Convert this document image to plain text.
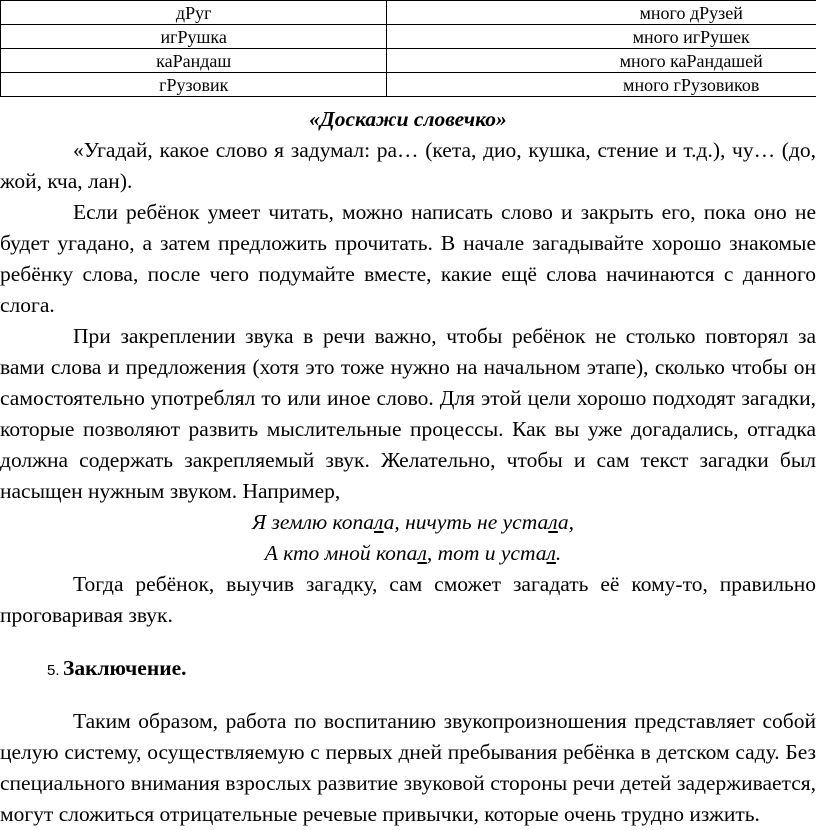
дРуг	много дРузей
игРушка	много игРушек
каРандаш	много каРандашей
гРузовик	много гРузовиков
«Доскажи словечко»

«Угадай, какое слово я задумал: ра… (кета, дио, кушка, стение и т.д.), чу… (до, жой, кча, лан).

Если ребёнок умеет читать, можно написать слово и закрыть его, пока оно не будет угадано, а затем предложить прочитать. В начале загадывайте хорошо знакомые ребёнку слова, после чего подумайте вместе, какие ещё слова начинаются с данного слога.

При закреплении звука в речи важно, чтобы ребёнок не столько повторял за вами слова и предложения (хотя это тоже нужно на начальном этапе), сколько чтобы он самостоятельно употреблял то или иное слово. Для этой цели хорошо подходят загадки, которые позволяют развить мыслительные процессы. Как вы уже догадались, отгадка должна содержать закрепляемый звук. Желательно, чтобы и сам текст загадки был насыщен нужным звуком. Например,

Я землю копала, ничуть не устала,

А кто мной копал, тот и устал.

Тогда ребёнок, выучив загадку, сам сможет загадать её кому-то, правильно проговаривая звук.

5. Заключение.

Таким образом, работа по воспитанию звукопроизношения представляет собой целую систему, осуществляемую с первых дней пребывания ребёнка в детском саду. Без специального внимания взрослых развитие звуковой стороны речи детей задерживается, могут сложиться отрицательные речевые привычки, которые очень трудно изжить.
